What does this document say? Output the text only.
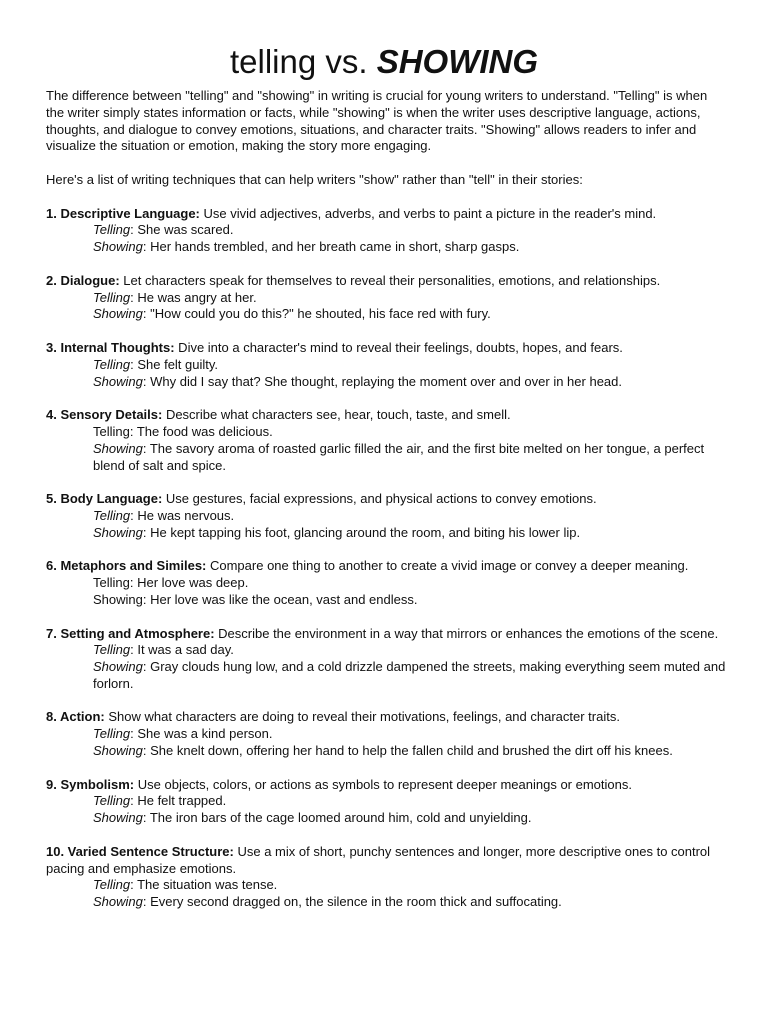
telling vs. SHOWING

The difference between "telling" and "showing" in writing is crucial for young writers to understand. "Telling" is when the writer simply states information or facts, while "showing" is when the writer uses descriptive language, actions, thoughts, and dialogue to convey emotions, situations, and character traits. "Showing" allows readers to infer and visualize the situation or emotion, making the story more engaging.

Here's a list of writing techniques that can help writers "show" rather than "tell" in their stories:

1. Descriptive Language: Use vivid adjectives, adverbs, and verbs to paint a picture in the reader's mind.

Telling: She was scared.

Showing: Her hands trembled, and her breath came in short, sharp gasps.

2. Dialogue: Let characters speak for themselves to reveal their personalities, emotions, and relationships.

Telling: He was angry at her.

Showing: "How could you do this?" he shouted, his face red with fury.

3. Internal Thoughts: Dive into a character's mind to reveal their feelings, doubts, hopes, and fears.

Telling: She felt guilty.

Showing: Why did I say that? She thought, replaying the moment over and over in her head.

4. Sensory Details: Describe what characters see, hear, touch, taste, and smell.

Telling: The food was delicious.

Showing: The savory aroma of roasted garlic filled the air, and the first bite melted on her tongue, a perfect blend of salt and spice.

5. Body Language: Use gestures, facial expressions, and physical actions to convey emotions.

Telling: He was nervous.

Showing: He kept tapping his foot, glancing around the room, and biting his lower lip.

6. Metaphors and Similes: Compare one thing to another to create a vivid image or convey a deeper meaning.

Telling: Her love was deep.

Showing: Her love was like the ocean, vast and endless.

7. Setting and Atmosphere: Describe the environment in a way that mirrors or enhances the emotions of the scene.

Telling: It was a sad day.

Showing: Gray clouds hung low, and a cold drizzle dampened the streets, making everything seem muted and forlorn.

8. Action: Show what characters are doing to reveal their motivations, feelings, and character traits.

Telling: She was a kind person.

Showing: She knelt down, offering her hand to help the fallen child and brushed the dirt off his knees.

9. Symbolism: Use objects, colors, or actions as symbols to represent deeper meanings or emotions.

Telling: He felt trapped.

Showing: The iron bars of the cage loomed around him, cold and unyielding.

10. Varied Sentence Structure: Use a mix of short, punchy sentences and longer, more descriptive ones to control pacing and emphasize emotions.

Telling: The situation was tense.

Showing: Every second dragged on, the silence in the room thick and suffocating.
